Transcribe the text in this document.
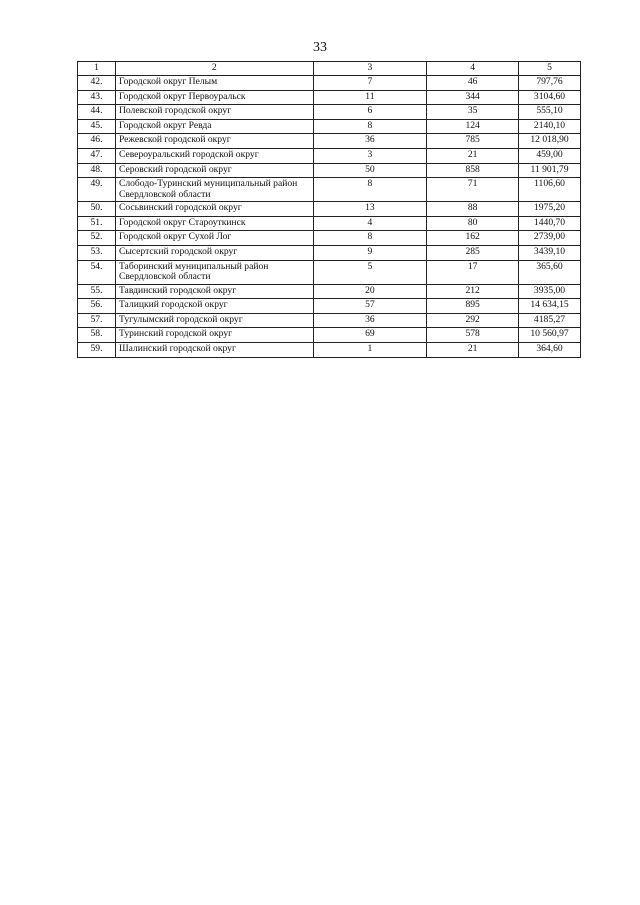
33
1	2	3	4	5
42.	Городской округ Пелым	7	46	797,76
43.	Городской округ Первоуральск	11	344	3104,60
44.	Полевской городской округ	6	35	555,10
45.	Городской округ Ревда	8	124	2140,10
46.	Режевской городской округ	36	785	12 018,90
47.	Североуральский городской округ	3	21	459,00
48.	Серовский городской округ	50	858	11 901,79
49.	Слободо-Туринский муниципальный район Свердловской области	8	71	1106,60
50.	Сосьвинский городской округ	13	88	1975,20
51.	Городской округ Староуткинск	4	80	1440,70
52.	Городской округ Сухой Лог	8	162	2739,00
53.	Сысертский городской округ	9	285	3439,10
54.	Таборинский муниципальный район Свердловской области	5	17	365,60
55.	Тавдинский городской округ	20	212	3935,00
56.	Талицкий городской округ	57	895	14 634,15
57.	Тугулымский городской округ	36	292	4185,27
58.	Туринский городской округ	69	578	10 560,97
59.	Шалинский городской округ	1	21	364,60
